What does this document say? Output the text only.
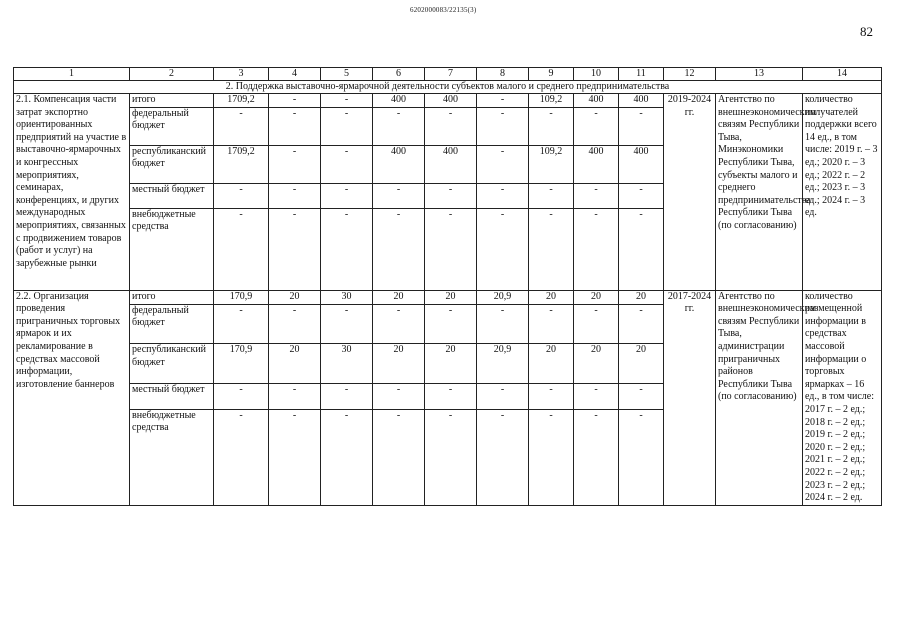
6202000083/22135(3)
82
1	2	3	4	5	6	7	8	9	10	11	12	13	14
2. Поддержка выставочно-ярмарочной деятельности субъектов малого и среднего предпринимательства													
2.1. Компенсация части затрат экспортно ориентированных предприятий на участие в выставочно-ярмарочных и конгрессных мероприятиях, семинарах, конференциях, и других международных мероприятиях, связанных с продвижением товаров (работ и услуг) на зарубежные рынки	итого	1709,2	-	-	400	400	-	109,2	400	400	2019-2024 гг.	Агентство по внешнеэкономическим связям Республики Тыва, Минэкономики Республики Тыва, субъекты малого и среднего предпринимательства Республики Тыва (по согласованию)	количество получателей поддержки всего 14 ед., в том числе: 2019 г. – 3 ед.; 2020 г. – 3 ед.; 2022 г. – 2 ед.; 2023 г. – 3 ед.; 2024 г. – 3 ед.
	федеральный бюджет	-	-	-	-	-	-	-	-	-			
	республиканский бюджет	1709,2	-	-	400	400	-	109,2	400	400			
	местный бюджет	-	-	-	-	-	-	-	-	-			
	внебюджетные средства	-	-	-	-	-	-	-	-	-			
2.2. Организация проведения приграничных торговых ярмарок и их рекламирование в средствах массовой информации, изготовление баннеров	итого	170,9	20	30	20	20	20,9	20	20	20	2017-2024 гг.	Агентство по внешнеэкономическим связям Республики Тыва, администрации приграничных районов Республики Тыва (по согласованию)	количество размещенной информации в средствах массовой информации о торговых ярмарках – 16 ед., в том числе: 2017 г. – 2 ед.; 2018 г. – 2 ед.; 2019 г. – 2 ед.; 2020 г. – 2 ед.; 2021 г. – 2 ед.; 2022 г. – 2 ед.; 2023 г. – 2 ед.; 2024 г. – 2 ед.
	федеральный бюджет	-	-	-	-	-	-	-	-	-			
	республиканский бюджет	170,9	20	30	20	20	20,9	20	20	20			
	местный бюджет	-	-	-	-	-	-	-	-	-			
	внебюджетные средства	-	-	-	-	-	-	-	-	-			
